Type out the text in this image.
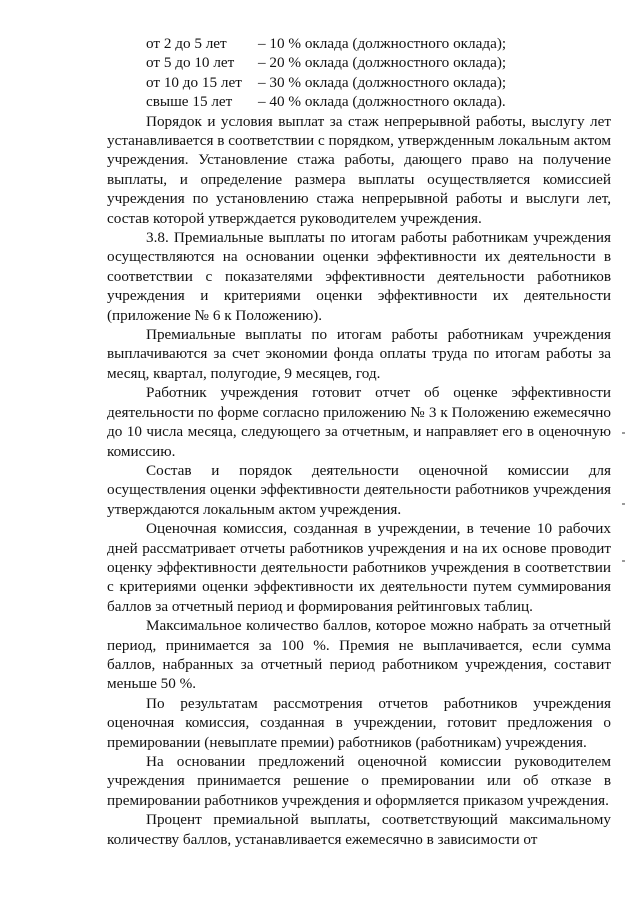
от 2 до 5 лет	– 10 % оклада (должностного оклада);
от 5 до 10 лет	– 20 % оклада (должностного оклада);
от 10 до 15 лет	– 30 % оклада (должностного оклада);
свыше 15 лет	– 40 % оклада (должностного оклада).

Порядок и условия выплат за стаж непрерывной работы, выслугу лет устанавливается в соответствии с порядком, утвержденным локальным актом учреждения. Установление стажа работы, дающего право на получение выплаты, и определение размера выплаты осуществляется комиссией учреждения по установлению стажа непрерывной работы и выслуги лет, состав которой утверждается руководителем учреждения.

3.8. Премиальные выплаты по итогам работы работникам учреждения осуществляются на основании оценки эффективности их деятельности в соответствии с показателями эффективности деятельности работников учреждения и критериями оценки эффективности их деятельности (приложение № 6 к Положению).

Премиальные выплаты по итогам работы работникам учреждения выплачиваются за счет экономии фонда оплаты труда по итогам работы за месяц, квартал, полугодие, 9 месяцев, год.

Работник учреждения готовит отчет об оценке эффективности деятельности по форме согласно приложению № 3 к Положению ежемесячно до 10 числа месяца, следующего за отчетным, и направляет его в оценочную комиссию.

Состав и порядок деятельности оценочной комиссии для осуществления оценки эффективности деятельности работников учреждения утверждаются локальным актом учреждения.

Оценочная комиссия, созданная в учреждении, в течение 10 рабочих дней рассматривает отчеты работников учреждения и на их основе проводит оценку эффективности деятельности работников учреждения в соответствии с критериями оценки эффективности их деятельности путем суммирования баллов за отчетный период и формирования рейтинговых таблиц.

Максимальное количество баллов, которое можно набрать за отчетный период, принимается за 100 %. Премия не выплачивается, если сумма баллов, набранных за отчетный период работником учреждения, составит меньше 50 %.

По результатам рассмотрения отчетов работников учреждения оценочная комиссия, созданная в учреждении, готовит предложения о премировании (невыплате премии) работников (работникам) учреждения.

На основании предложений оценочной комиссии руководителем учреждения принимается решение о премировании или об отказе в премировании работников учреждения и оформляется приказом учреждения.

Процент премиальной выплаты, соответствующий максимальному количеству баллов, устанавливается ежемесячно в зависимости от
